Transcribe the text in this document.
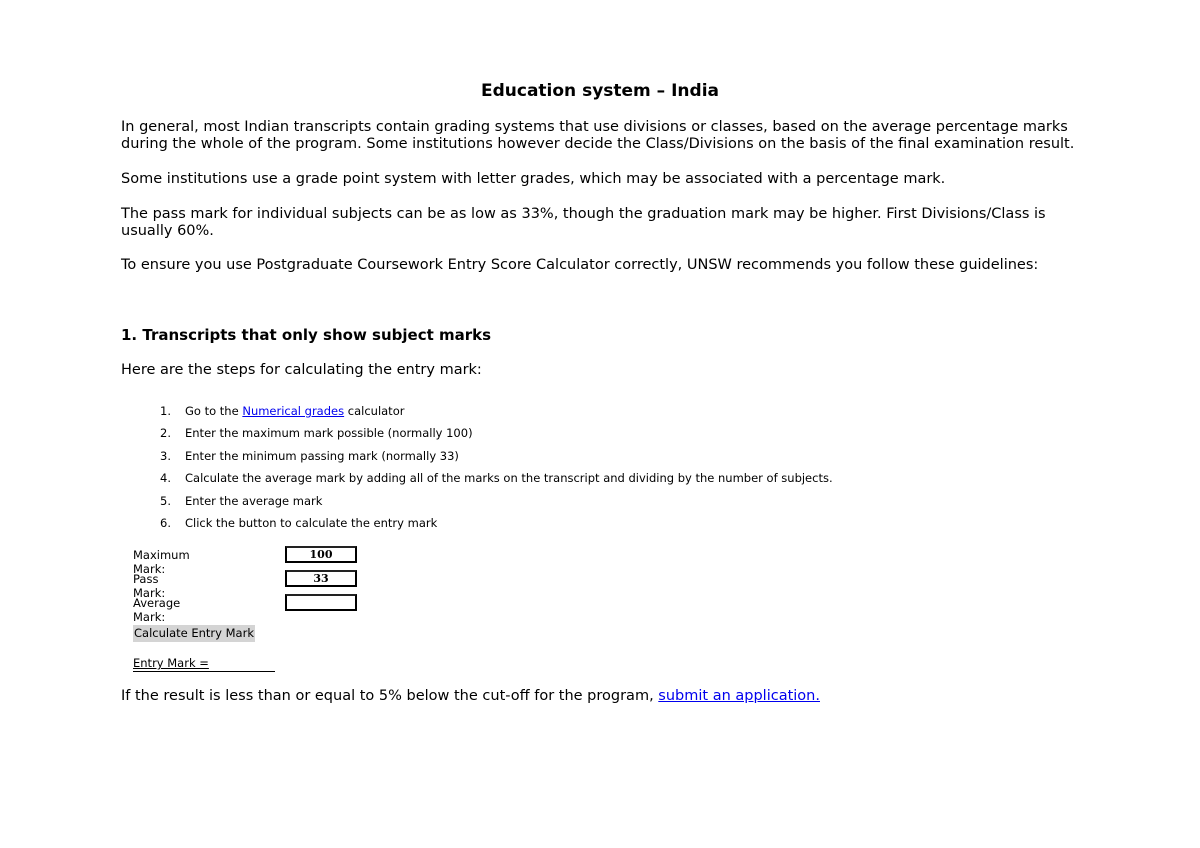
Education system – India

In general, most Indian transcripts contain grading systems that use divisions or classes, based on the average percentage marks during the whole of the program. Some institutions however decide the Class/Divisions on the basis of the final examination result.

Some institutions use a grade point system with letter grades, which may be associated with a percentage mark.

The pass mark for individual subjects can be as low as 33%, though the graduation mark may be higher. First Divisions/Class is usually 60%.

To ensure you use Postgraduate Coursework Entry Score Calculator correctly, UNSW recommends you follow these guidelines:

1. Transcripts that only show subject marks

Here are the steps for calculating the entry mark:

1. Go to the Numerical grades calculator
2. Enter the maximum mark possible (normally 100)
3. Enter the minimum passing mark (normally 33)
4. Calculate the average mark by adding all of the marks on the transcript and dividing by the number of subjects.
5. Enter the average mark
6. Click the button to calculate the entry mark
Maximum Mark:
100
Pass Mark:
33
Average Mark:
Calculate Entry Mark
Entry Mark =

If the result is less than or equal to 5% below the cut-off for the program, submit an application.
